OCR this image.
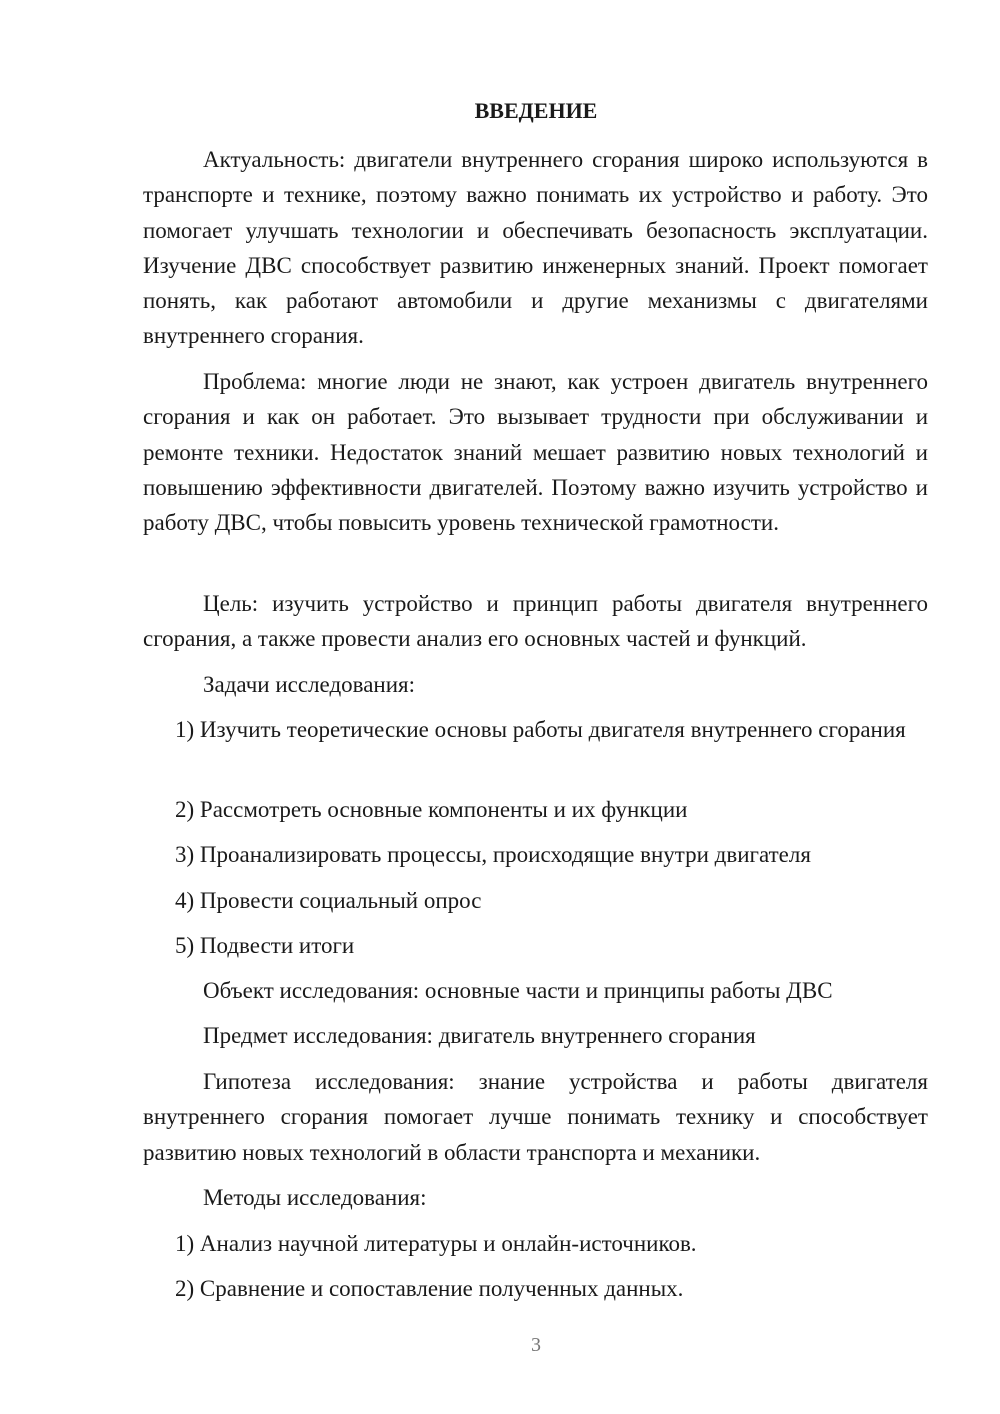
ВВЕДЕНИЕ
Актуальность: двигатели внутреннего сгорания широко используются в транспорте и технике, поэтому важно понимать их устройство и работу. Это помогает улучшать технологии и обеспечивать безопасность эксплуатации. Изучение ДВС способствует развитию инженерных знаний. Проект помогает понять, как работают автомобили и другие механизмы с двигателями внутреннего сгорания.
Проблема: многие люди не знают, как устроен двигатель внутреннего сгорания и как он работает. Это вызывает трудности при обслуживании и ремонте техники. Недостаток знаний мешает развитию новых технологий и повышению эффективности двигателей. Поэтому важно изучить устройство и работу ДВС, чтобы повысить уровень технической грамотности.
Цель: изучить устройство и принцип работы двигателя внутреннего сгорания, а также провести анализ его основных частей и функций.
Задачи исследования:
1) Изучить теоретические основы работы двигателя внутреннего сгорания
2) Рассмотреть основные компоненты и их функции
3) Проанализировать процессы, происходящие внутри двигателя
4) Провести социальный опрос
5) Подвести итоги
Объект исследования: основные части и принципы работы ДВС
Предмет исследования: двигатель внутреннего сгорания
Гипотеза исследования: знание устройства и работы двигателя внутреннего сгорания помогает лучше понимать технику и способствует развитию новых технологий в области транспорта и механики.
Методы исследования:
1) Анализ научной литературы и онлайн-источников.
2) Сравнение и сопоставление полученных данных.
3
